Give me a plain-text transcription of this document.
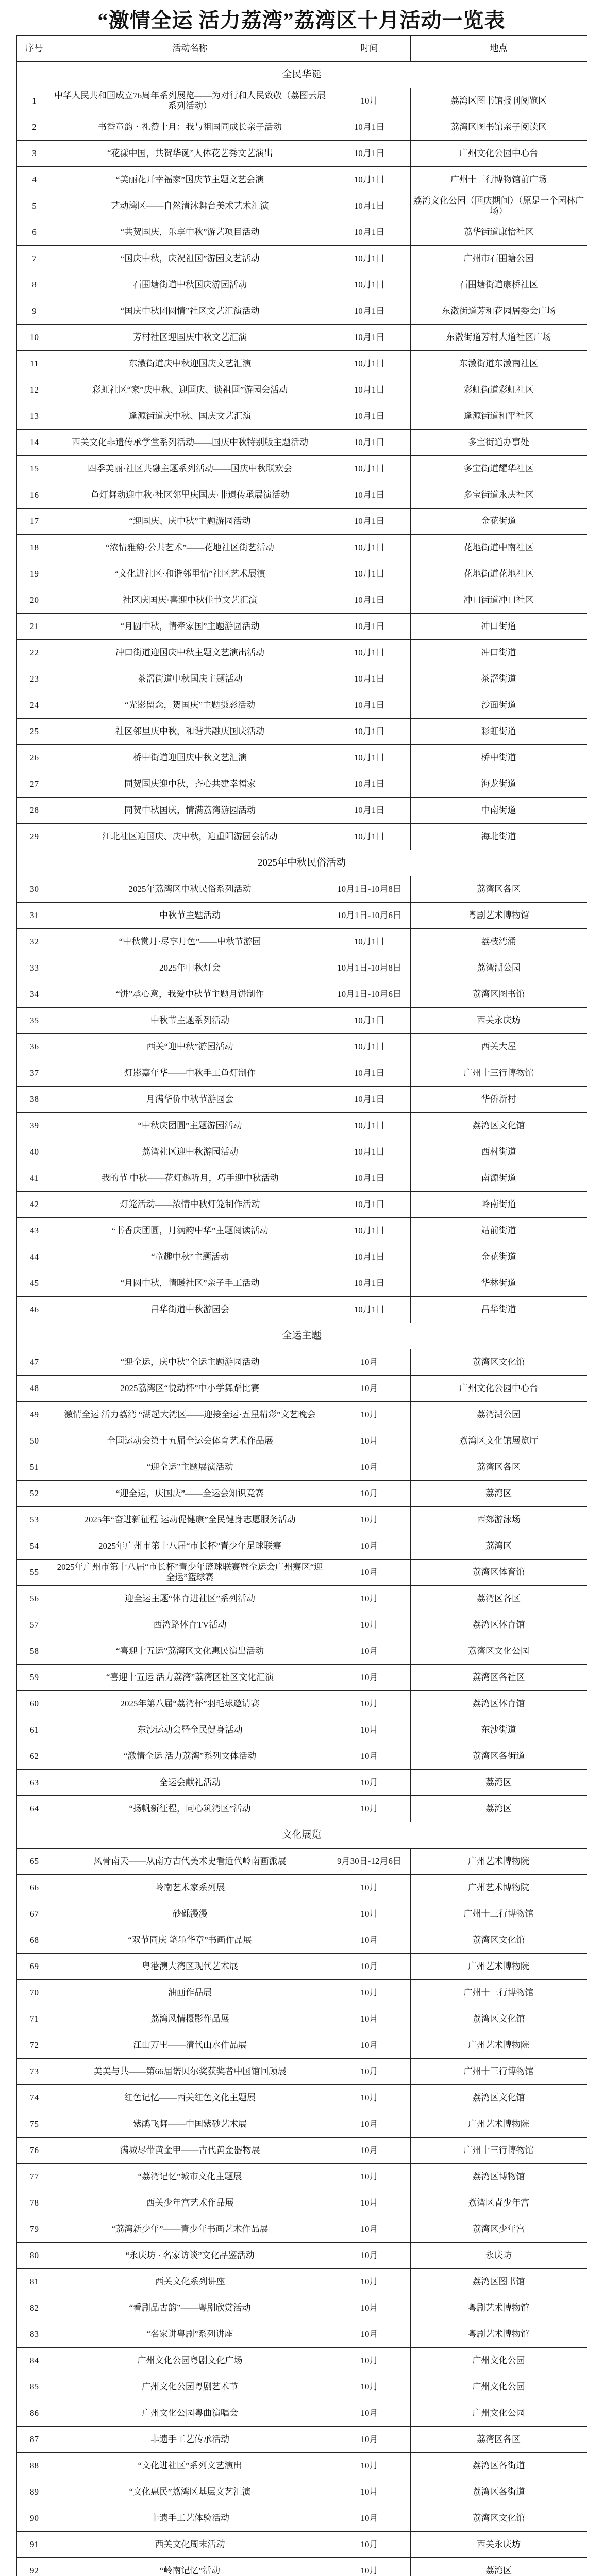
“激情全运 活力荔湾”荔湾区十月活动一览表
序号	活动名称	时间	地点
全民华诞			
1	中华人民共和国成立76周年系列展览——为对行和人民致敬（荔图云展系列活动）	10月	荔湾区图书馆报刊阅览区
2	书香童韵・礼赞十月：我与祖国同成长亲子活动	10月1日	荔湾区图书馆亲子阅读区
3	“花漾中国，共贺华诞”人体花艺秀文艺演出	10月1日	广州文化公园中心台
4	“美丽花开幸福家”国庆节主题文艺会演	10月1日	广州十三行博物馆前广场
5	艺动湾区——自然清沐舞台美术艺术汇演	10月1日	荔湾文化公园（国庆期间）（原是一个园林广场）
6	“共贺国庆，乐享中秋”游艺项目活动	10月1日	荔华街道康怡社区
7	“国庆中秋，庆祝祖国”游园文艺活动	10月1日	广州市石围塘公园
8	石围塘街道中秋国庆游园活动	10月1日	石围塘街道康桥社区
9	“国庆中秋团圆情”社区文艺汇演活动	10月1日	东漖街道芳和花园居委会广场
10	芳村社区迎国庆中秋文艺汇演	10月1日	东漖街道芳村大道社区广场
11	东漖街道庆中秋迎国庆文艺汇演	10月1日	东漖街道东漖南社区
12	彩虹社区“家”庆中秋、迎国庆、谈祖国”游园会活动	10月1日	彩虹街道彩虹社区
13	逢源街道庆中秋、国庆文艺汇演	10月1日	逢源街道和平社区
14	西关文化非遗传承学堂系列活动——国庆中秋特别版主题活动	10月1日	多宝街道办事处
15	四季美丽·社区共融主题系列活动——国庆中秋联欢会	10月1日	多宝街道耀华社区
16	鱼灯舞动迎中秋·社区邻里庆国庆·非遗传承展演活动	10月1日	多宝街道永庆社区
17	“迎国庆、庆中秋”主题游园活动	10月1日	金花街道
18	“浓情雅韵·公共艺术”——花地社区街艺活动	10月1日	花地街道中南社区
19	“文化进社区·和谐邻里情”社区艺术展演	10月1日	花地街道花地社区
20	社区庆国庆·喜迎中秋佳节文艺汇演	10月1日	冲口街道冲口社区
21	“月圆中秋，情牵家国”主题游园活动	10月1日	冲口街道
22	冲口街道迎国庆中秋主题文艺演出活动	10月1日	冲口街道
23	茶滘街道中秋国庆主题活动	10月1日	茶滘街道
24	“光影留念，贺国庆”主题摄影活动	10月1日	沙面街道
25	社区邻里庆中秋，和谐共融庆国庆活动	10月1日	彩虹街道
26	桥中街道迎国庆中秋文艺汇演	10月1日	桥中街道
27	同贺国庆迎中秋，齐心共建幸福家	10月1日	海龙街道
28	同贺中秋国庆，情满荔湾游园活动	10月1日	中南街道
29	江北社区迎国庆、庆中秋，迎重阳游园会活动	10月1日	海北街道
2025年中秋民俗活动			
30	2025年荔湾区中秋民俗系列活动	10月1日-10月8日	荔湾区各区
31	中秋节主题活动	10月1日-10月6日	粤剧艺术博物馆
32	“中秋赏月·尽享月色”——中秋节游园	10月1日	荔枝湾涌
33	2025年中秋灯会	10月1日-10月8日	荔湾湖公园
34	“饼”承心意，我爱中秋节主题月饼制作	10月1日-10月6日	荔湾区图书馆
35	中秋节主题系列活动	10月1日	西关永庆坊
36	西关“迎中秋”游园活动	10月1日	西关大屋
37	灯影嘉年华——中秋手工鱼灯制作	10月1日	广州十三行博物馆
38	月满华侨中秋节游园会	10月1日	华侨新村
39	“中秋庆团圆”主题游园活动	10月1日	荔湾区文化馆
40	荔湾社区迎中秋游园活动	10月1日	西村街道
41	我的节 中秋——花灯趣听月，巧手迎中秋活动	10月1日	南源街道
42	灯笼活动——浓情中秋灯笼制作活动	10月1日	岭南街道
43	“书香庆团圆，月满韵中华”主题阅读活动	10月1日	站前街道
44	“童趣中秋”主题活动	10月1日	金花街道
45	“月圆中秋，情暖社区”亲子手工活动	10月1日	华林街道
46	昌华街道中秋游园会	10月1日	昌华街道
全运主题			
47	“迎全运，庆中秋”全运主题游园活动	10月	荔湾区文化馆
48	2025荔湾区“悦动杯”中小学舞蹈比赛	10月	广州文化公园中心台
49	激情全运 活力荔湾 “湖起大湾区——迎接全运·五星精彩”文艺晚会	10月	荔湾湖公园
50	全国运动会第十五届全运会体育艺术作品展	10月	荔湾区文化馆展览厅
51	“迎全运”主题展演活动	10月	荔湾区各区
52	“迎全运，庆国庆”——全运会知识竞赛	10月	荔湾区
53	2025年“奋进新征程 运动促健康”全民健身志愿服务活动	10月	西郊游泳场
54	2025年广州市第十八届“市长杯”青少年足球联赛	10月	荔湾区
55	2025年广州市第十八届“市长杯”青少年篮球联赛暨全运会广州赛区“迎全运”篮球赛	10月	荔湾区体育馆
56	迎全运主题“体育进社区”系列活动	10月	荔湾区各区
57	西湾路体育TV活动	10月	荔湾区体育馆
58	“喜迎十五运”荔湾区文化惠民演出活动	10月	荔湾区文化公园
59	“喜迎十五运 活力荔湾”荔湾区社区文化汇演	10月	荔湾区各社区
60	2025年第八届“荔湾杯”羽毛球邀请赛	10月	荔湾区体育馆
61	东沙运动会暨全民健身活动	10月	东沙街道
62	“激情全运 活力荔湾”系列文体活动	10月	荔湾区各街道
63	全运会献礼活动	10月	荔湾区
64	“扬帆新征程，同心筑湾区”活动	10月	荔湾区
文化展览			
65	风骨南天——从南方古代美术史看近代岭南画派展	9月30日-12月6日	广州艺术博物院
66	岭南艺术家系列展	10月	广州艺术博物院
67	砂砾漫漫	10月	广州十三行博物馆
68	“双节同庆 笔墨华章”书画作品展	10月	荔湾区文化馆
69	粤港澳大湾区现代艺术展	10月	广州艺术博物院
70	油画作品展	10月	广州十三行博物馆
71	荔湾风情摄影作品展	10月	荔湾区文化馆
72	江山万里——清代山水作品展	10月	广州艺术博物院
73	美美与共——第66届诺贝尔奖获奖者中国馆回顾展	10月	广州十三行博物馆
74	红色记忆——西关红色文化主题展	10月	荔湾区文化馆
75	紫鹃飞舞——中国紫砂艺术展	10月	广州艺术博物院
76	满城尽带黄金甲——古代黄金器物展	10月	广州十三行博物馆
77	“荔湾记忆”城市文化主题展	10月	荔湾区博物馆
78	西关少年宫艺术作品展	10月	荔湾区青少年宫
79	“荔湾新少年”——青少年书画艺术作品展	10月	荔湾区少年宫
80	“永庆坊 · 名家访谈”文化品鉴活动	10月	永庆坊
81	西关文化系列讲座	10月	荔湾区图书馆
82	“看剧品古韵”——粤剧欣赏活动	10月	粤剧艺术博物馆
83	“名家讲粤剧”系列讲座	10月	粤剧艺术博物馆
84	广州文化公园粤剧文化广场	10月	广州文化公园
85	广州文化公园粤剧艺术节	10月	广州文化公园
86	广州文化公园粤曲演唱会	10月	广州文化公园
87	非遗手工艺传承活动	10月	荔湾区各区
88	“文化进社区”系列文艺演出	10月	荔湾区各街道
89	“文化惠民”荔湾区基层文艺汇演	10月	荔湾区各街道
90	非遗手工艺体验活动	10月	荔湾区文化馆
91	西关文化周末活动	10月	西关永庆坊
92	“岭南记忆”活动	10月	荔湾区
